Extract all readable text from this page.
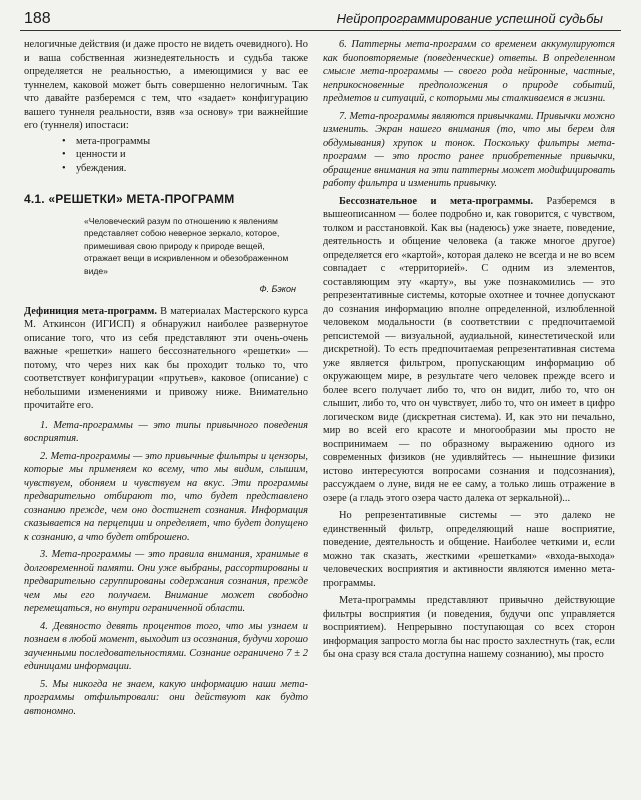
188	Нейропрограммирование успешной судьбы

нелогичные действия (и даже просто не видеть очевидного). Но и ваша собственная жизнедеятельность и судьба также определяется не реальностью, а имеющимися у вас ее туннелем, каковой может быть совершенно нелогичным. Так что давайте разберемся с тем, что «задает» конфигурацию вашего туннеля реальности, взяв «за основу» три важнейшие его (туннеля) ипостаси:

• мета-программы
• ценности и
• убеждения.
4.1. «РЕШЕТКИ» МЕТА-ПРОГРАММ
«Человеческий разум по отношению к явлениям представляет собою неверное зеркало, которое, примешивая свою природу к природе вещей, отражает вещи в искривленном и обезображенном виде»
Ф. Бэкон

Дефиниция мета-программ. В материалах Мастерского курса М. Аткинсон (ИГИСП) я обнаружил наиболее развернутое описание того, что из себя представляют эти очень-очень важные «решетки» нашего бессознательного «решетки» — потому, что через них как бы проходит только то, что соответствует конфигурации «прутьев», каковое (описание) с небольшими изменениями и привожу ниже. Внимательно прочитайте его.

1. Мета-программы — это типы привычного поведения восприятия.

2. Мета-программы — это привычные фильтры и цензоры, которые мы применяем ко всему, что мы видим, слышим, чувствуем, обоняем и чувствуем на вкус. Эти программы предварительно отбирают то, что будет представлено сознанию прежде, чем оно достигнет сознания. Информация сказывается на перцепции и определяет, что будет допущено к сознанию, а что будет отброшено.

3. Мета-программы — это правила внимания, хранимые в долговременной памяти. Они уже выбраны, рассортированы и предварительно сгруппированы содержания сознания, прежде чем мы его получаем. Внимание может свободно перемещаться, но внутри ограниченной области.

4. Девяносто девять процентов того, что мы узнаем и познаем в любой момент, выходит из осознания, будучи хорошо заученными последовательностями. Сознание ограничено 7 ± 2 единицами информации.

5. Мы никогда не знаем, какую информацию наши мета-программы отфильтровали: они действуют как будто автономно.

6. Паттерны мета-программ со временем аккумулируются как биоповторяемые (поведенческие) ответы. В определенном смысле мета-программы — своего рода нейронные, частные, неприкосновенные предположения о природе событий, предметов и ситуаций, с которыми мы сталкиваемся в жизни.

7. Мета-программы являются привычками. Привычки можно изменить. Экран нашего внимания (то, что мы берем для обдумывания) хрупок и тонок. Поскольку фильтры мета-программ — это просто ранее приобретенные привычки, обращение внимания на эти паттерны может модифицировать работу фильтра и изменить привычку.

Бессознательное и мета-программы. Разберемся в вышеописанном — более подробно и, как говорится, с чувством, толком и расстановкой. Как вы (надеюсь) уже знаете, поведение, деятельность и общение человека (а также многое другое) определяется его «картой», которая далеко не всегда и не во всем совпадает с «территорией». С одним из элементов, составляющим эту «карту», вы уже познакомились — это репрезентативные системы, которые охотнее и точнее допускают до сознания информацию вполне определенной, излюбленной человеком модальности (в соответствии с предпочитаемой репсистемой — визуальной, аудиальной, кинестетической или дискретной). То есть предпочитаемая репрезентативная система уже является фильтром, пропускающим информацию об окружающем мире, в результате чего человек прежде всего и более всего получает либо то, что он видит, либо то, что он слышит, либо то, что он чувствует, либо то, что он имеет в цифро логическом виде (дискретная система). И, как это ни печально, мир во всей его красоте и многообразии мы просто не воспринимаем — по образному выражению одного из современных физиков (не удивляйтесь — нынешние физики истово интересуются вопросами сознания и подсознания), рассуждаем о луне, видя не ее саму, а только лишь отражение в озере (а гладь этого озера часто далека от зеркальной)...

Но репрезентативные системы — это далеко не единственный фильтр, определяющий наше восприятие, поведение, деятельность и общение. Наиболее четкими и, если можно так сказать, жесткими «решетками» «входа-выхода» человеческих восприятия и активности являются именно мета-программы.

Мета-программы представляют привычно действующие фильтры восприятия (и поведения, будучи опс управляется восприятием). Непрерывно поступающая со всех сторон информация запросто могла бы нас просто захлестнуть (так, если бы она сразу вся стала доступна нашему сознанию), мы просто
